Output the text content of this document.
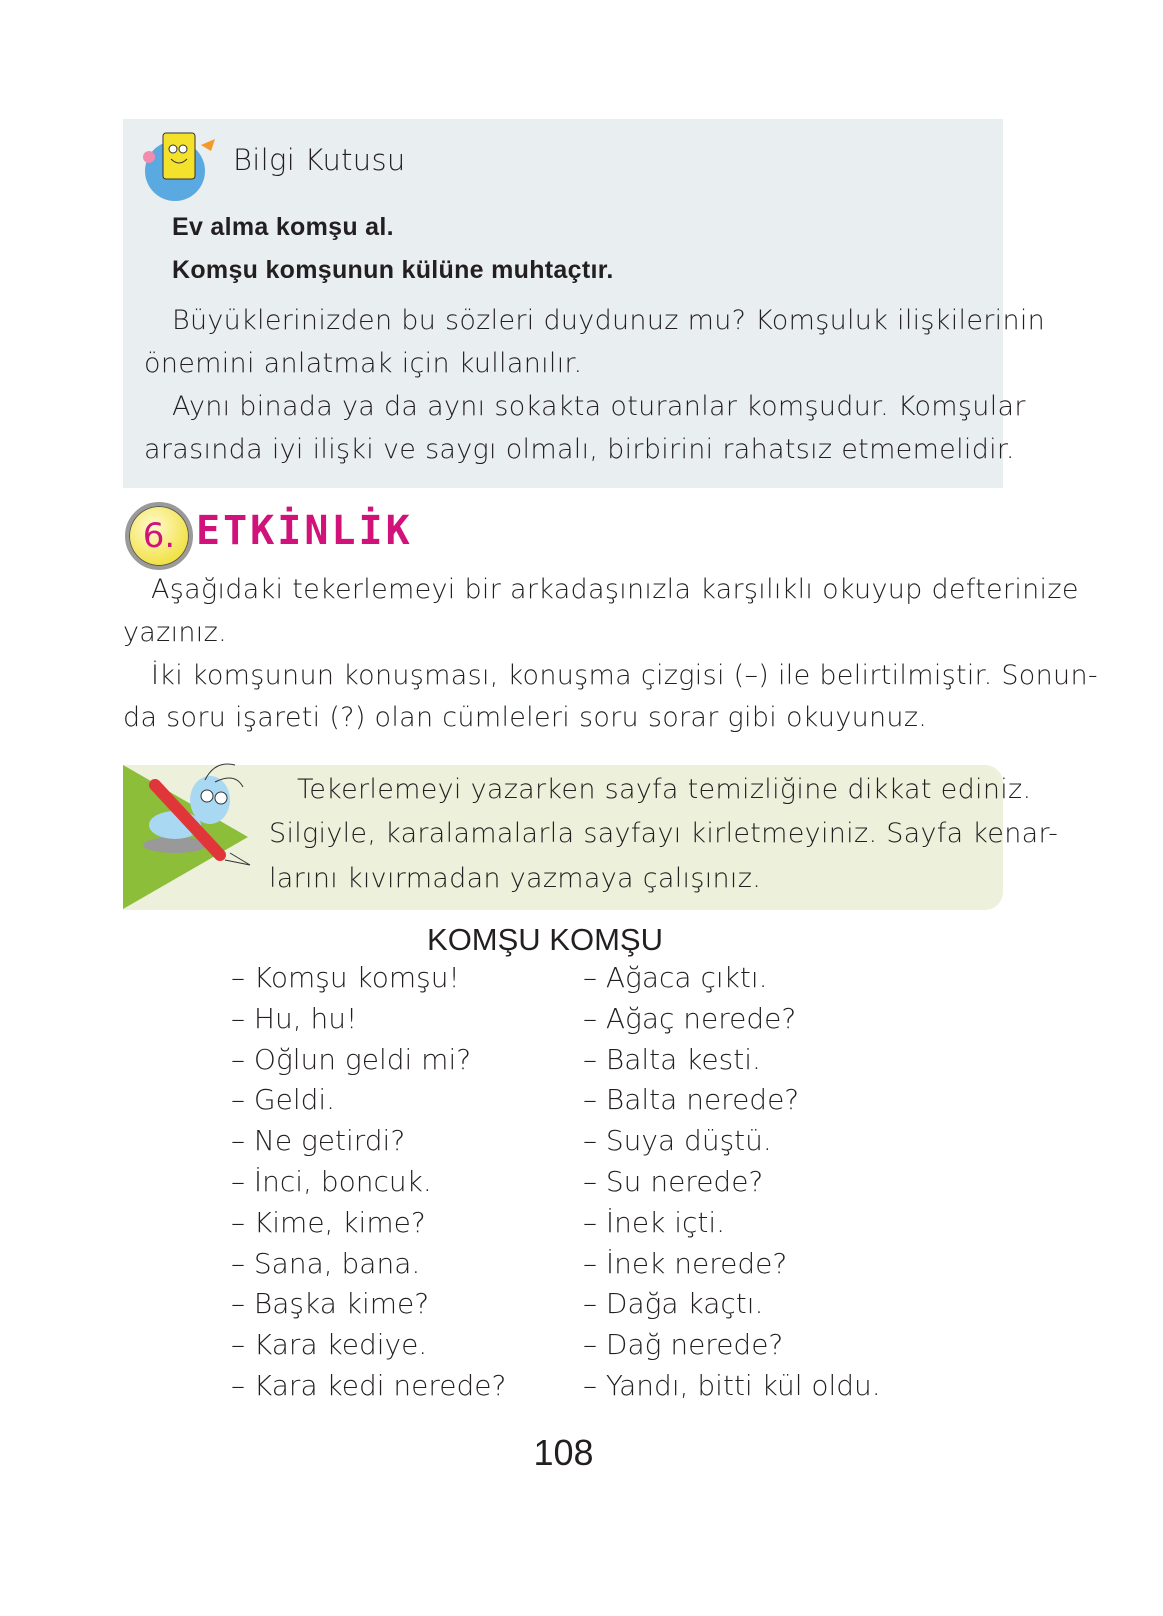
Bilgi Kutusu
Ev alma komşu al.
Komşu komşunun külüne muhtaçtır.
Büyüklerinizden bu sözleri duydunuz mu? Komşuluk ilişkilerinin
önemini anlatmak için kullanılır.
Aynı binada ya da aynı sokakta oturanlar komşudur. Komşular
arasında iyi ilişki ve saygı olmalı, birbirini rahatsız etmemelidir.
6. ETKİNLİK
Aşağıdaki tekerlemeyi bir arkadaşınızla karşılıklı okuyup defterinize
yazınız.
İki komşunun konuşması, konuşma çizgisi (–) ile belirtilmiştir. Sonun-
da soru işareti (?) olan cümleleri soru sorar gibi okuyunuz.
Tekerlemeyi yazarken sayfa temizliğine dikkat ediniz.
Silgiyle, karalamalarla sayfayı kirletmeyiniz. Sayfa kenar-
larını kıvırmadan yazmaya çalışınız.
KOMŞU KOMŞU
– Komşu komşu!
– Hu, hu!
– Oğlun geldi mi?
– Geldi.
– Ne getirdi?
– İnci, boncuk.
– Kime, kime?
– Sana, bana.
– Başka kime?
– Kara kediye.
– Kara kedi nerede?
– Ağaca çıktı.
– Ağaç nerede?
– Balta kesti.
– Balta nerede?
– Suya düştü.
– Su nerede?
– İnek içti.
– İnek nerede?
– Dağa kaçtı.
– Dağ nerede?
– Yandı, bitti kül oldu.
108
